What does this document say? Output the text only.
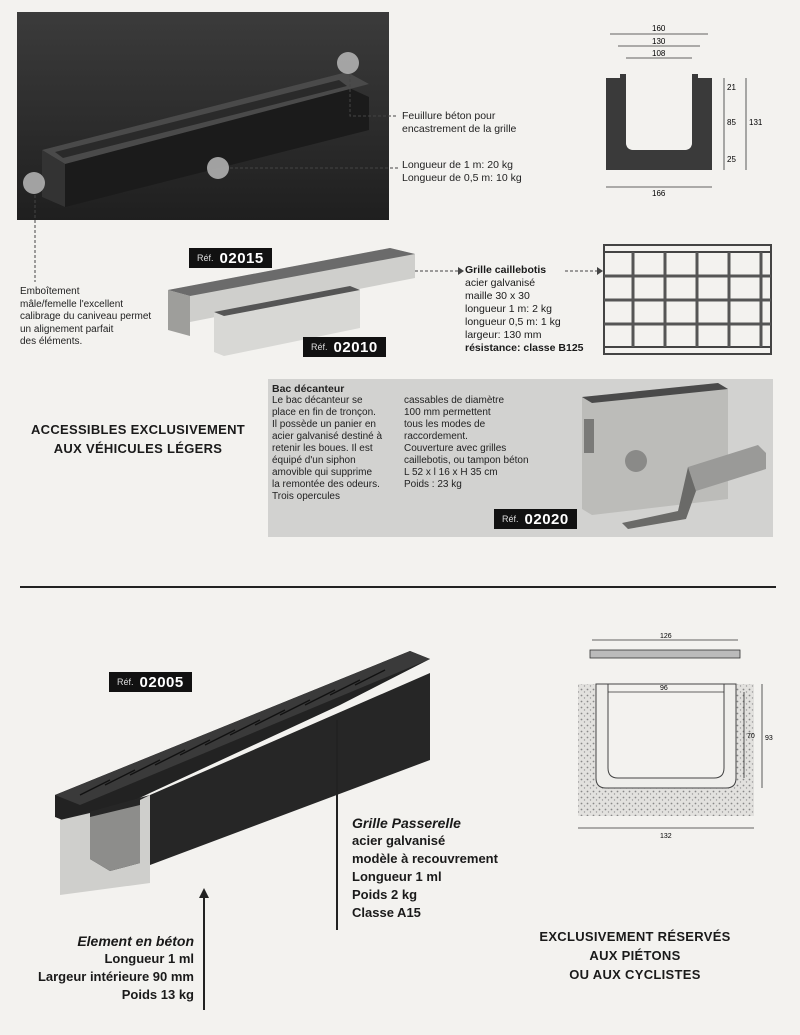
Feuillure béton pour
encastrement de la grille
Longueur de 1 m: 20 kg
Longueur de 0,5 m: 10 kg
Emboîtement
mâle/femelle l'excellent
calibrage du caniveau permet
un alignement parfait
des éléments.
160
130
108
21
85
25
131
166
Réf. 02015
Réf. 02010
Grille caillebotis
acier galvanisé
maille 30 x 30
longueur 1 m: 2 kg
longueur 0,5 m: 1 kg
largeur: 130 mm
résistance: classe B125
ACCESSIBLES EXCLUSIVEMENT
AUX VÉHICULES LÉGERS
Bac décanteur
Le bac décanteur se
place en fin de tronçon.
Il possède un panier en
acier galvanisé destiné à
retenir les boues. Il est
équipé d'un siphon
amovible qui supprime
la remontée des odeurs.
Trois opercules
cassables de diamètre
100 mm permettent
tous les modes de
raccordement.
Couverture avec grilles
caillebotis, ou tampon béton
L 52 x l 16 x H 35 cm
Poids : 23 kg
Réf. 02020
Réf. 02005
Grille Passerelle
acier galvanisé
modèle à recouvrement
Longueur 1 ml
Poids 2 kg
Classe A15
Element en béton
Longueur 1 ml
Largeur intérieure 90 mm
Poids 13 kg
126
96
70 93
132
EXCLUSIVEMENT RÉSERVÉS
AUX PIÉTONS
OU AUX CYCLISTES
